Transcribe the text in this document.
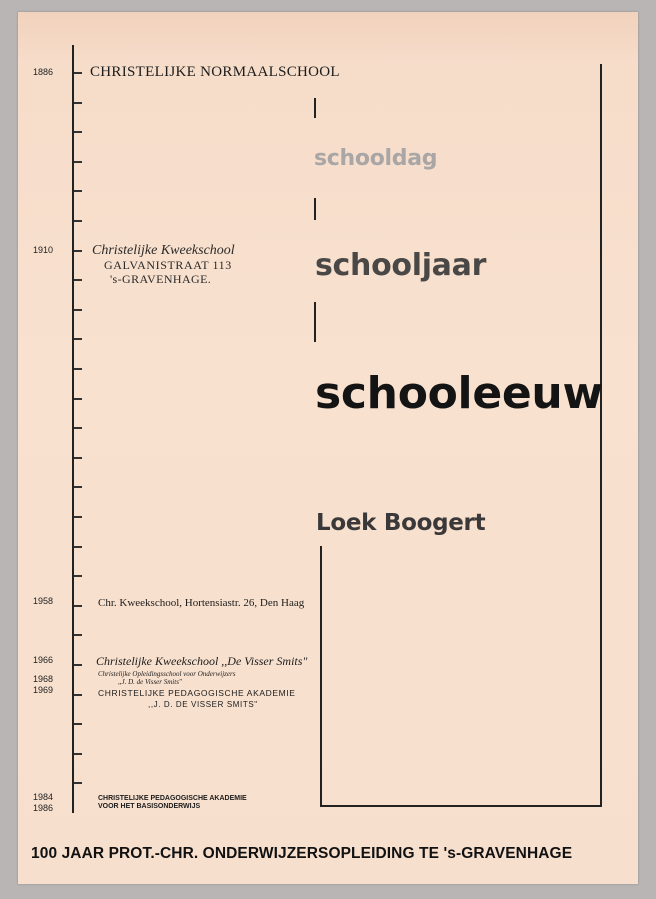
1886
1910
1958
1966
1968
1969
1984
1986
CHRISTELIJKE NORMAALSCHOOL
Christelijke Kweekschool
GALVANISTRAAT 113
's-GRAVENHAGE.
Chr. Kweekschool, Hortensiastr. 26, Den Haag
Christelijke Kweekschool ,,De Visser Smits"
Christelijke Opleidingsschool voor Onderwijzers
,,J. D. de Visser Smits"
CHRISTELIJKE PEDAGOGISCHE AKADEMIE
,,J. D. DE VISSER SMITS"
CHRISTELIJKE PEDAGOGISCHE AKADEMIE
VOOR HET BASISONDERWIJS
schooldag
schooljaar
schooleeuw
Loek Boogert
100 JAAR PROT.-CHR. ONDERWIJZERSOPLEIDING TE 's-GRAVENHAGE
